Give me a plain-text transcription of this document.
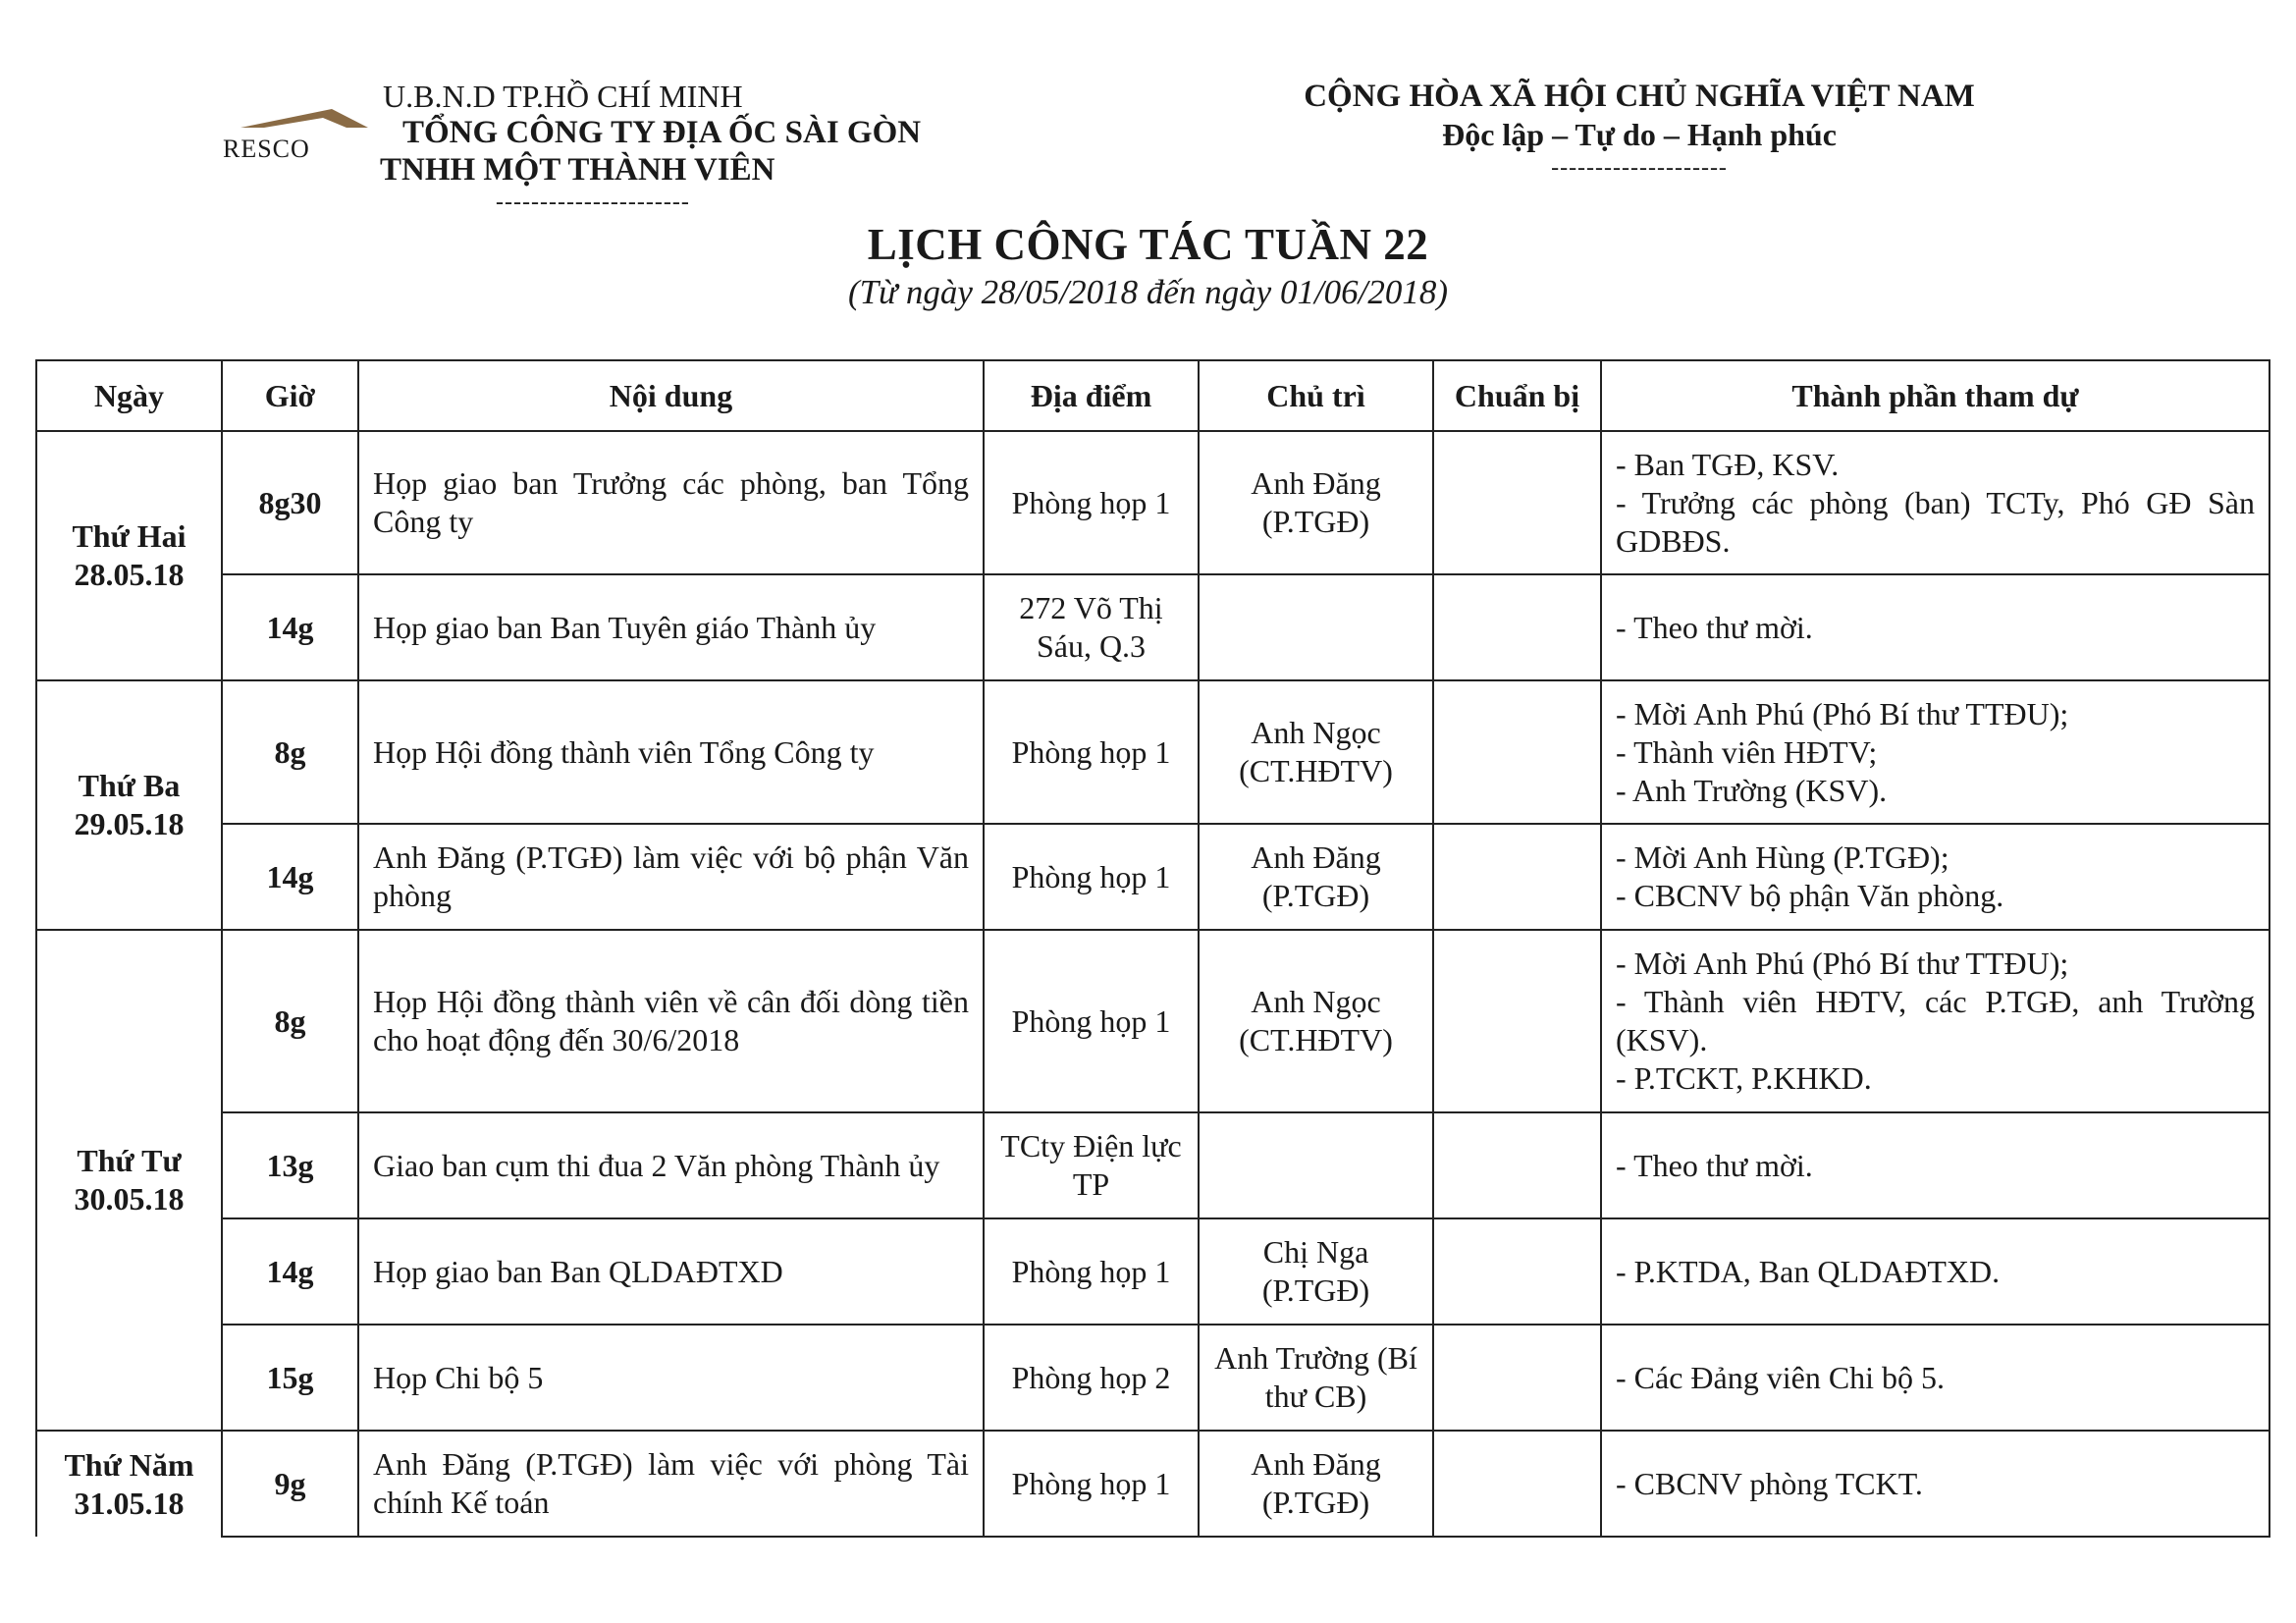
RESCO
U.B.N.D TP.HỒ CHÍ MINH
TỔNG CÔNG TY ĐỊA ỐC SÀI GÒN
TNHH MỘT THÀNH VIÊN
----------------------
CỘNG HÒA XÃ HỘI CHỦ NGHĨA VIỆT NAM
Độc lập – Tự do – Hạnh phúc
--------------------
LỊCH CÔNG TÁC TUẦN 22
(Từ ngày 28/05/2018 đến ngày 01/06/2018)
Ngày	Giờ	Nội dung	Địa điểm	Chủ trì	Chuẩn bị	Thành phần tham dự

Thứ Hai
28.05.18	8g30	Họp giao ban Trưởng các phòng, ban Tổng Công ty	Phòng họp 1	Anh Đăng (P.TGĐ)		- Ban TGĐ, KSV.
- Trưởng các phòng (ban) TCTy, Phó GĐ Sàn GDBĐS.

	14g	Họp giao ban Ban Tuyên giáo Thành ủy	272 Võ Thị Sáu, Q.3			- Theo thư mời.

Thứ Ba
29.05.18	8g	Họp Hội đồng thành viên Tổng Công ty	Phòng họp 1	Anh Ngọc (CT.HĐTV)		- Mời Anh Phú (Phó Bí thư TTĐU);
- Thành viên HĐTV;
- Anh Trường (KSV).

	14g	Anh Đăng (P.TGĐ) làm việc với bộ phận Văn phòng	Phòng họp 1	Anh Đăng (P.TGĐ)		- Mời Anh Hùng (P.TGĐ);
- CBCNV bộ phận Văn phòng.

Thứ Tư
30.05.18	8g	Họp Hội đồng thành viên về cân đối dòng tiền cho hoạt động đến 30/6/2018	Phòng họp 1	Anh Ngọc (CT.HĐTV)		- Mời Anh Phú (Phó Bí thư TTĐU);
- Thành viên HĐTV, các P.TGĐ, anh Trường (KSV).
- P.TCKT, P.KHKD.

	13g	Giao ban cụm thi đua 2 Văn phòng Thành ủy	TCty Điện lực TP			- Theo thư mời.

	14g	Họp giao ban Ban QLDAĐTXD	Phòng họp 1	Chị Nga (P.TGĐ)		- P.KTDA, Ban QLDAĐTXD.

	15g	Họp Chi bộ 5	Phòng họp 2	Anh Trường (Bí thư CB)		- Các Đảng viên Chi bộ 5.

Thứ Năm
31.05.18	9g	Anh Đăng (P.TGĐ) làm việc với phòng Tài chính Kế toán	Phòng họp 1	Anh Đăng (P.TGĐ)		- CBCNV phòng TCKT.
